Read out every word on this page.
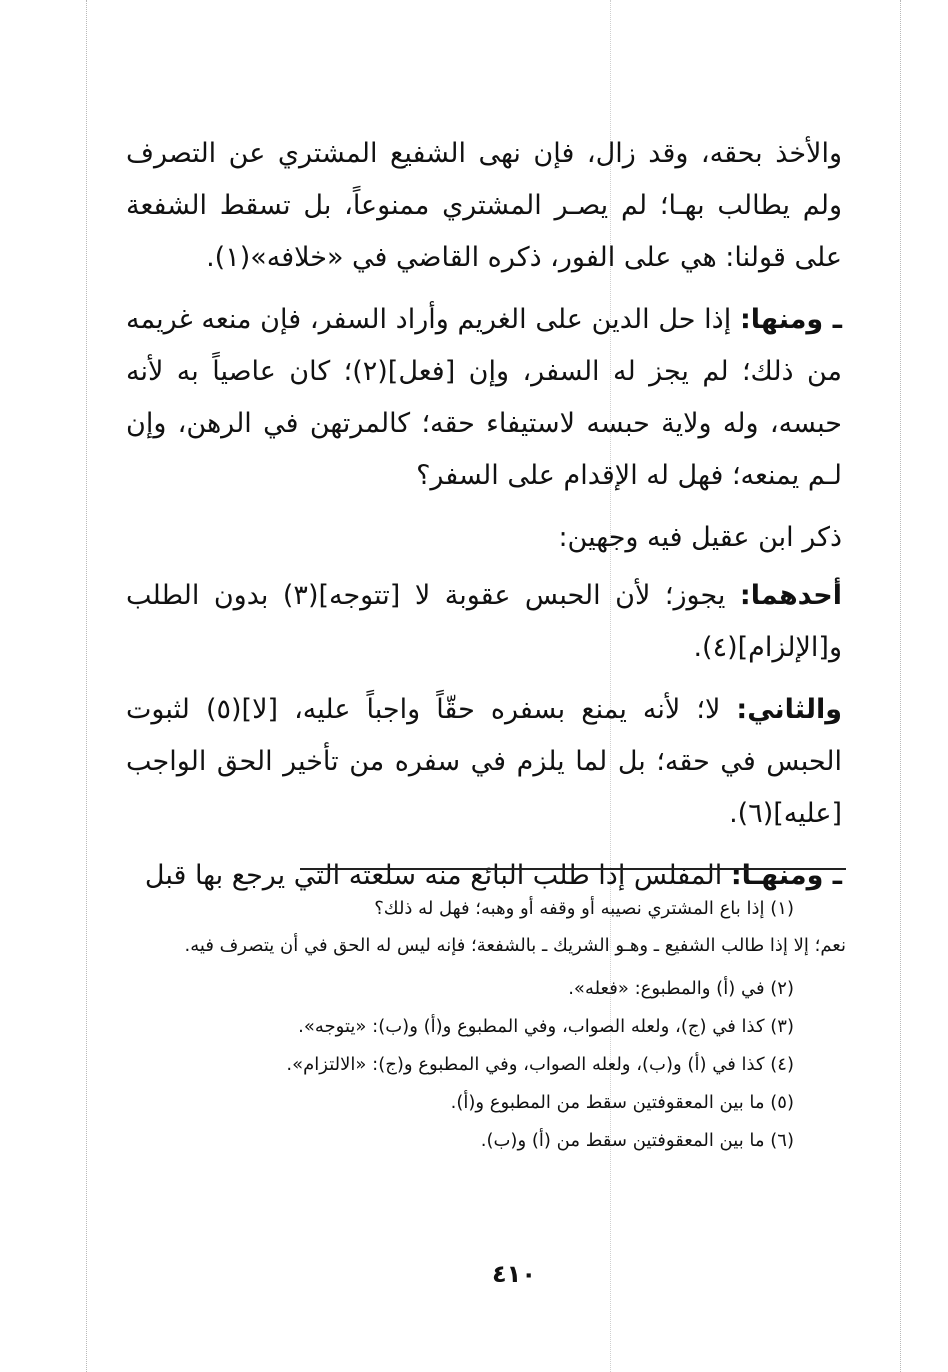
والأخذ بحقه، وقد زال، فإن نهى الشفيع المشتري عن التصرف ولم يطالب بهـا؛ لم يصـر المشتري ممنوعاً، بل تسقط الشفعة على قولنا: هي على الفور، ذكره القاضي في «خلافه»(١).

ـ ومنها: إذا حل الدين على الغريم وأراد السفر، فإن منعه غريمه من ذلك؛ لم يجز له السفر، وإن [فعل](٢)؛ كان عاصياً به لأنه حبسه، وله ولاية حبسه لاستيفاء حقه؛ كالمرتهن في الرهن، وإن لـم يمنعه؛ فهل له الإقدام على السفر؟

ذكر ابن عقيل فيه وجهين:

أحدهما: يجوز؛ لأن الحبس عقوبة لا [تتوجه](٣) بدون الطلب و[الإلزام](٤).

والثاني: لا؛ لأنه يمنع بسفره حقّاً واجباً عليه، [لا](٥) لثبوت الحبس في حقه؛ بل لما يلزم في سفره من تأخير الحق الواجب [عليه](٦).

ـ ومنهـا: المفلس إذا طلب البائع منه سلعته التي يرجع بها قبل

(١) إذا باع المشتري نصيبه أو وقفه أو وهبه؛ فهل له ذلك؟

نعم؛ إلا إذا طالب الشفيع ـ وهـو الشريك ـ بالشفعة؛ فإنه ليس له الحق في أن يتصرف فيه.

(٢) في (أ) والمطبوع: «فعله».

(٣) كذا في (ج)، ولعله الصواب، وفي المطبوع و(أ) و(ب): «يتوجه».

(٤) كذا في (أ) و(ب)، ولعله الصواب، وفي المطبوع و(ج): «الالتزام».

(٥) ما بين المعقوفتين سقط من المطبوع و(أ).

(٦) ما بين المعقوفتين سقط من (أ) و(ب).

٤١٠
